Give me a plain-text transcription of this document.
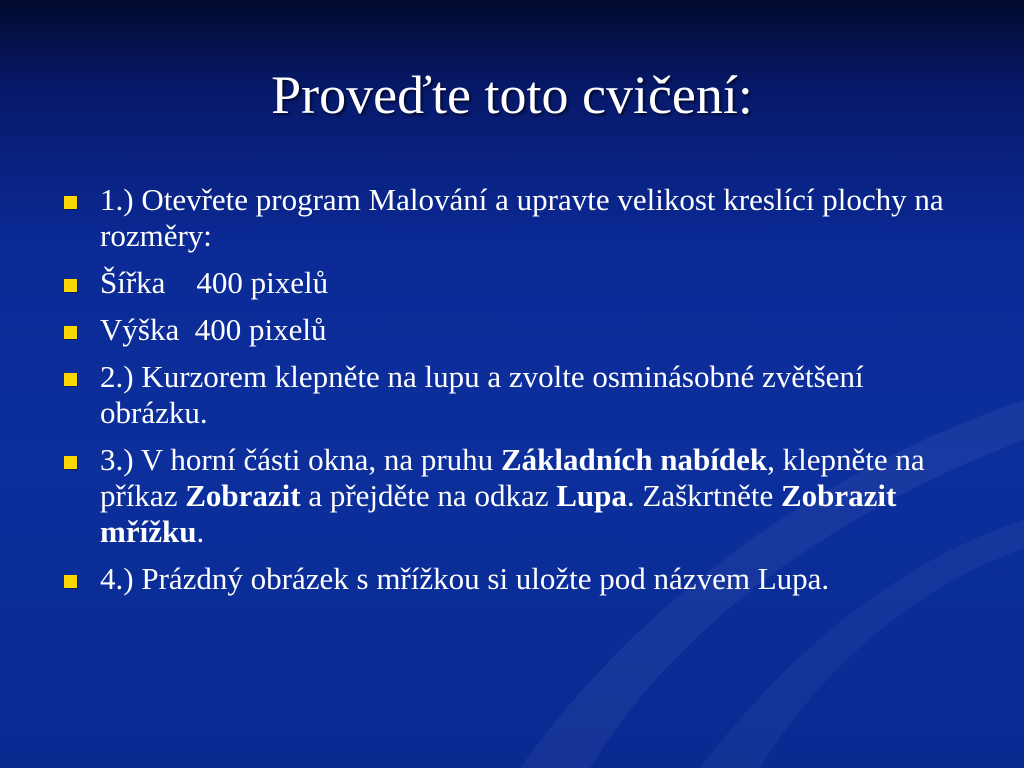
Proveďte toto cvičení:
1.) Otevřete program Malování a upravte velikost kreslící plochy na rozměry:
Šířka    400 pixelů
Výška  400 pixelů
2.) Kurzorem klepněte na lupu a zvolte osminásobné zvětšení obrázku.
3.) V horní části okna, na pruhu Základních nabídek, klepněte na příkaz Zobrazit a přejděte na odkaz Lupa. Zaškrtněte Zobrazit mřížku.
4.) Prázdný obrázek s mřížkou si uložte pod názvem Lupa.
